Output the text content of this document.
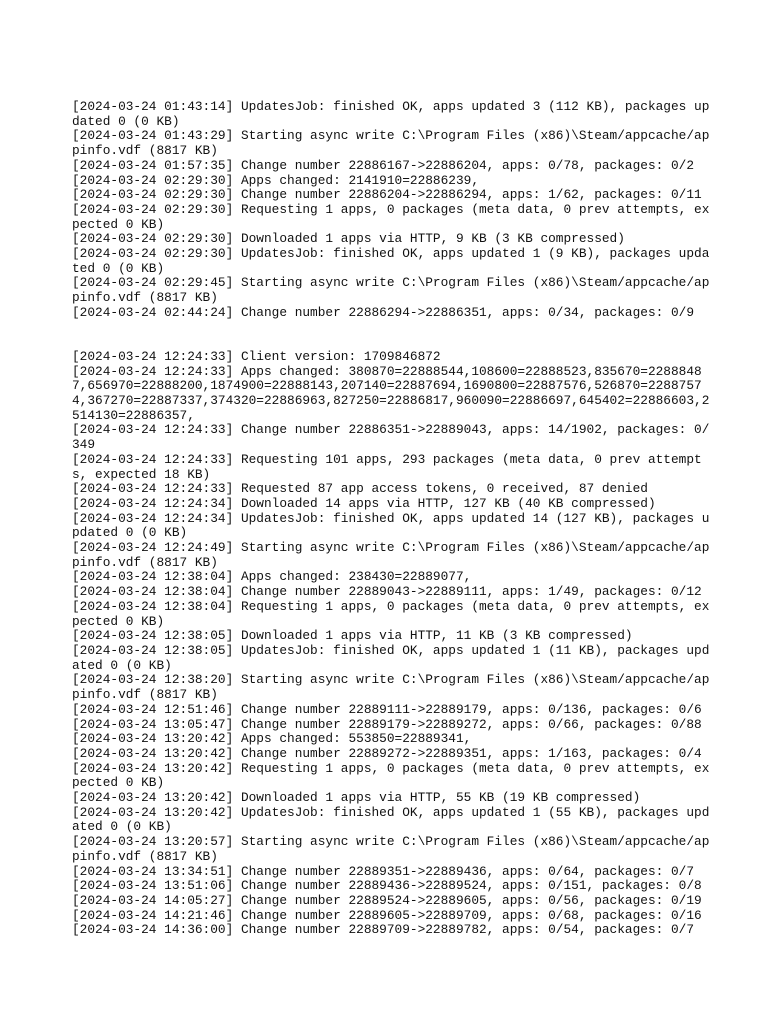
[2024-03-24 01:43:14] UpdatesJob: finished OK, apps updated 3 (112 KB), packages updated 0 (0 KB)
[2024-03-24 01:43:29] Starting async write C:\Program Files (x86)\Steam/appcache/appinfo.vdf (8817 KB)
[2024-03-24 01:57:35] Change number 22886167->22886204, apps: 0/78, packages: 0/2
[2024-03-24 02:29:30] Apps changed: 2141910=22886239,
[2024-03-24 02:29:30] Change number 22886204->22886294, apps: 1/62, packages: 0/11
[2024-03-24 02:29:30] Requesting 1 apps, 0 packages (meta data, 0 prev attempts, expected 0 KB)
[2024-03-24 02:29:30] Downloaded 1 apps via HTTP, 9 KB (3 KB compressed)
[2024-03-24 02:29:30] UpdatesJob: finished OK, apps updated 1 (9 KB), packages updated 0 (0 KB)
[2024-03-24 02:29:45] Starting async write C:\Program Files (x86)\Steam/appcache/appinfo.vdf (8817 KB)
[2024-03-24 02:44:24] Change number 22886294->22886351, apps: 0/34, packages: 0/9
[2024-03-24 12:24:33] Client version: 1709846872
[2024-03-24 12:24:33] Apps changed: 380870=22888544,108600=22888523,835670=22888487,656970=22888200,1874900=22888143,207140=22887694,1690800=22887576,526870=22887574,367270=22887337,374320=22886963,827250=22886817,960090=22886697,645402=22886603,2514130=22886357,
[2024-03-24 12:24:33] Change number 22886351->22889043, apps: 14/1902, packages: 0/349
[2024-03-24 12:24:33] Requesting 101 apps, 293 packages (meta data, 0 prev attempts, expected 18 KB)
[2024-03-24 12:24:33] Requested 87 app access tokens, 0 received, 87 denied
[2024-03-24 12:24:34] Downloaded 14 apps via HTTP, 127 KB (40 KB compressed)
[2024-03-24 12:24:34] UpdatesJob: finished OK, apps updated 14 (127 KB), packages updated 0 (0 KB)
[2024-03-24 12:24:49] Starting async write C:\Program Files (x86)\Steam/appcache/appinfo.vdf (8817 KB)
[2024-03-24 12:38:04] Apps changed: 238430=22889077,
[2024-03-24 12:38:04] Change number 22889043->22889111, apps: 1/49, packages: 0/12
[2024-03-24 12:38:04] Requesting 1 apps, 0 packages (meta data, 0 prev attempts, expected 0 KB)
[2024-03-24 12:38:05] Downloaded 1 apps via HTTP, 11 KB (3 KB compressed)
[2024-03-24 12:38:05] UpdatesJob: finished OK, apps updated 1 (11 KB), packages updated 0 (0 KB)
[2024-03-24 12:38:20] Starting async write C:\Program Files (x86)\Steam/appcache/appinfo.vdf (8817 KB)
[2024-03-24 12:51:46] Change number 22889111->22889179, apps: 0/136, packages: 0/6
[2024-03-24 13:05:47] Change number 22889179->22889272, apps: 0/66, packages: 0/88
[2024-03-24 13:20:42] Apps changed: 553850=22889341,
[2024-03-24 13:20:42] Change number 22889272->22889351, apps: 1/163, packages: 0/4
[2024-03-24 13:20:42] Requesting 1 apps, 0 packages (meta data, 0 prev attempts, expected 0 KB)
[2024-03-24 13:20:42] Downloaded 1 apps via HTTP, 55 KB (19 KB compressed)
[2024-03-24 13:20:42] UpdatesJob: finished OK, apps updated 1 (55 KB), packages updated 0 (0 KB)
[2024-03-24 13:20:57] Starting async write C:\Program Files (x86)\Steam/appcache/appinfo.vdf (8817 KB)
[2024-03-24 13:34:51] Change number 22889351->22889436, apps: 0/64, packages: 0/7
[2024-03-24 13:51:06] Change number 22889436->22889524, apps: 0/151, packages: 0/8
[2024-03-24 14:05:27] Change number 22889524->22889605, apps: 0/56, packages: 0/19
[2024-03-24 14:21:46] Change number 22889605->22889709, apps: 0/68, packages: 0/16
[2024-03-24 14:36:00] Change number 22889709->22889782, apps: 0/54, packages: 0/7
